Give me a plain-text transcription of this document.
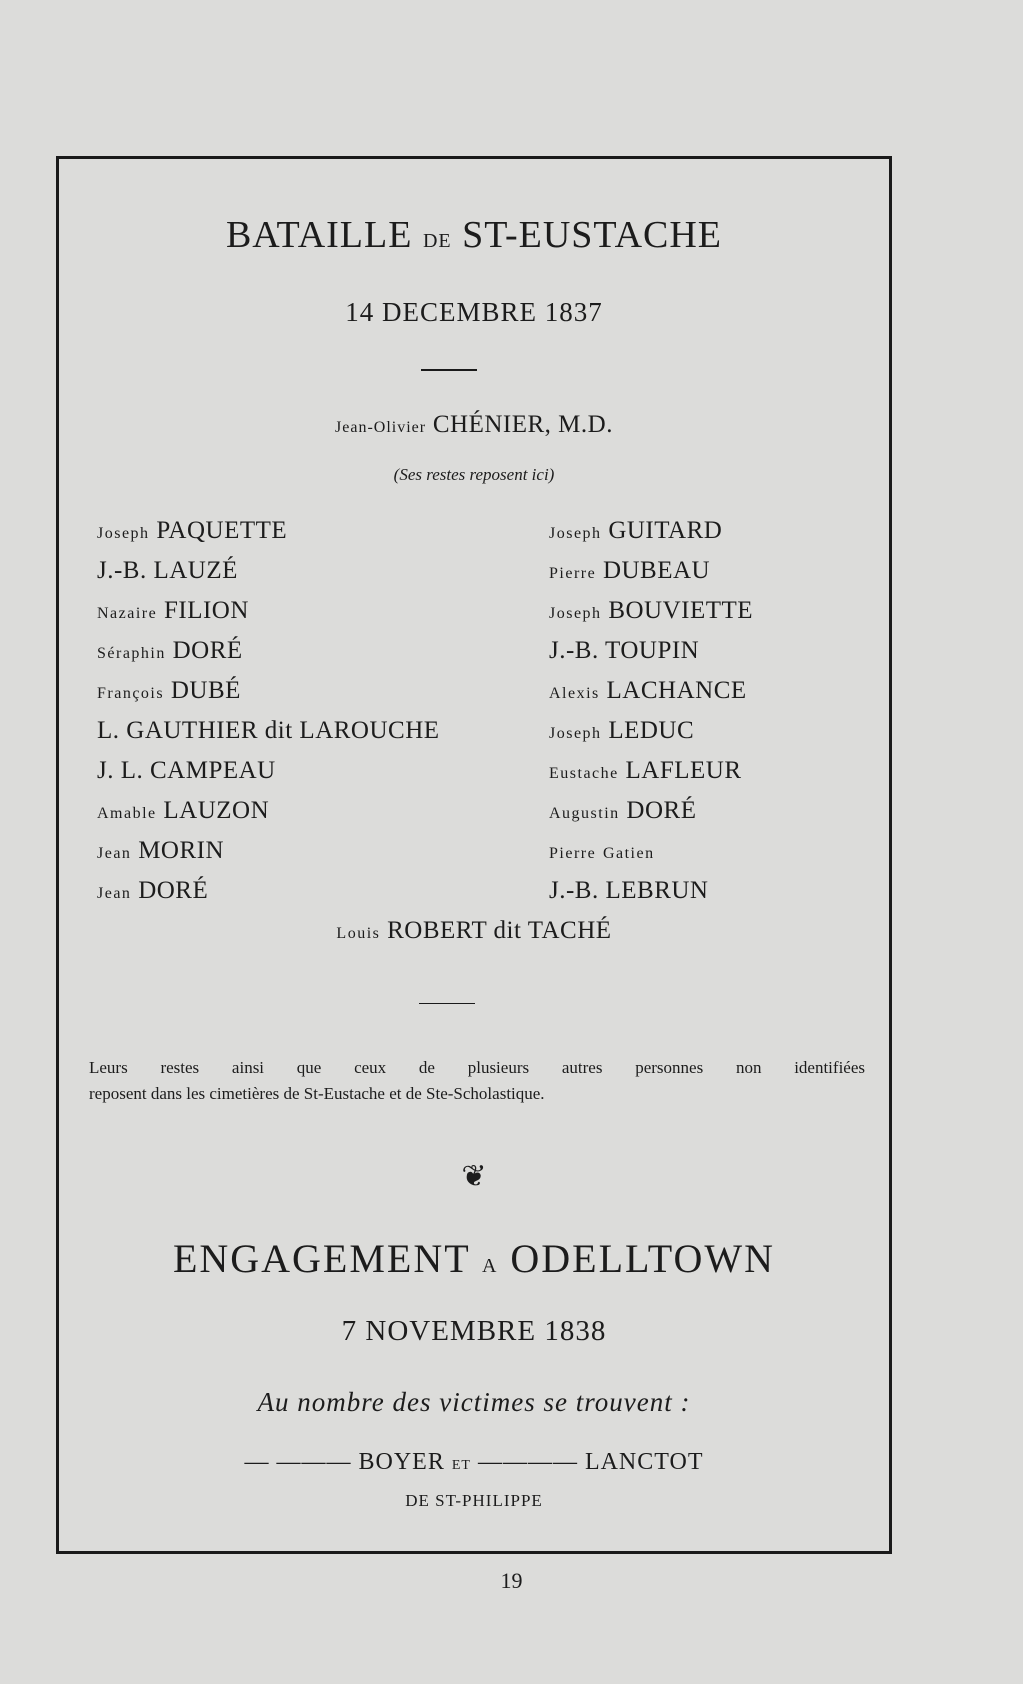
BATAILLE DE ST-EUSTACHE
14 DECEMBRE 1837
Jean-Olivier CHÉNIER, M.D.
(Ses restes reposent ici)
Joseph PAQUETTE
J.-B. LAUZÉ
Nazaire FILION
Séraphin DORÉ
François DUBÉ
L. GAUTHIER dit LAROUCHE
J. L. CAMPEAU
Amable LAUZON
Jean MORIN
Jean DORÉ
Joseph GUITARD
Pierre DUBEAU
Joseph BOUVIETTE
J.-B. TOUPIN
Alexis LACHANCE
Joseph LEDUC
Eustache LAFLEUR
Augustin DORÉ
Pierre Gatien
J.-B. LEBRUN
Louis ROBERT dit TACHÉ
Leurs restes ainsi que ceux de plusieurs autres personnes non identifiées
reposent dans les cimetières de St-Eustache et de Ste-Scholastique.
❦
ENGAGEMENT A ODELLTOWN
7 NOVEMBRE 1838
Au nombre des victimes se trouvent :
— ——— BOYER ET ———— LANCTOT
DE ST-PHILIPPE
19
